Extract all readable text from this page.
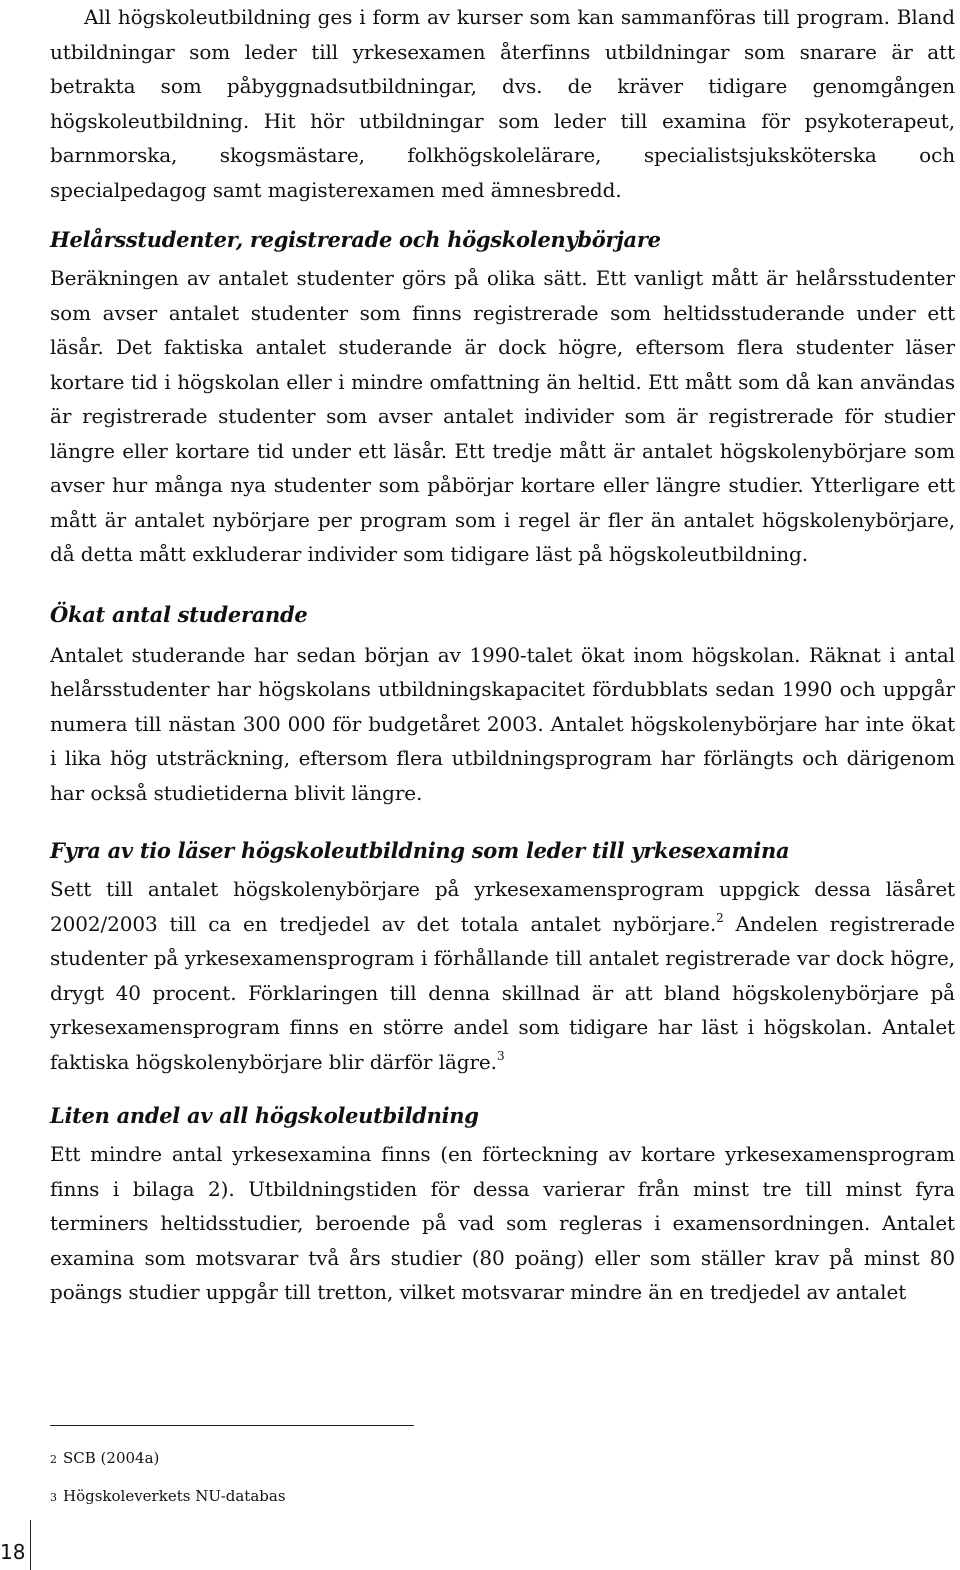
All högskoleutbildning ges i form av kurser som kan sammanföras till program. Bland utbildningar som leder till yrkesexamen återfinns utbildningar som snarare är att betrakta som påbyggnadsutbildningar, dvs. de kräver tidigare genomgången högskoleutbildning. Hit hör utbildningar som leder till examina för psykoterapeut, barnmorska, skogsmästare, folkhögskolelärare, specialistsjuksköterska och specialpedagog samt magisterexamen med ämnesbredd.

Helårsstudenter, registrerade och högskolenybörjare

Beräkningen av antalet studenter görs på olika sätt. Ett vanligt mått är helårsstudenter som avser antalet studenter som finns registrerade som heltidsstuderande under ett läsår. Det faktiska antalet studerande är dock högre, eftersom flera studenter läser kortare tid i högskolan eller i mindre omfattning än heltid. Ett mått som då kan användas är registrerade studenter som avser antalet individer som är registrerade för studier längre eller kortare tid under ett läsår. Ett tredje mått är antalet högskolenybörjare som avser hur många nya studenter som påbörjar kortare eller längre studier. Ytterligare ett mått är antalet nybörjare per program som i regel är fler än antalet högskolenybörjare, då detta mått exkluderar individer som tidigare läst på högskoleutbildning.

Ökat antal studerande

Antalet studerande har sedan början av 1990-talet ökat inom högskolan. Räknat i antal helårsstudenter har högskolans utbildningskapacitet fördubblats sedan 1990 och uppgår numera till nästan 300 000 för budgetåret 2003. Antalet högskolenybörjare har inte ökat i lika hög utsträckning, eftersom flera utbildningsprogram har förlängts och därigenom har också studietiderna blivit längre.

Fyra av tio läser högskoleutbildning som leder till yrkesexamina

Sett till antalet högskolenybörjare på yrkesexamensprogram uppgick dessa läsåret 2002/2003 till ca en tredjedel av det totala antalet nybörjare.$^2$ Andelen registrerade studenter på yrkesexamensprogram i förhållande till antalet registrerade var dock högre, drygt 40 procent. Förklaringen till denna skillnad är att bland högskolenybörjare på yrkesexamensprogram finns en större andel som tidigare har läst i högskolan. Antalet faktiska högskolenybörjare blir därför lägre.$^3$

Liten andel av all högskoleutbildning

Ett mindre antal yrkesexamina finns (en förteckning av kortare yrkesexamensprogram finns i bilaga 2). Utbildningstiden för dessa varierar från minst tre till minst fyra terminers heltidsstudier, beroende på vad som regleras i examensordningen. Antalet examina som motsvarar två års studier (80 poäng) eller som ställer krav på minst 80 poängs studier uppgår till tretton, vilket motsvarar mindre än en tredjedel av antalet

2 SCB (2004a)
3 Högskoleverkets NU-databas
18
